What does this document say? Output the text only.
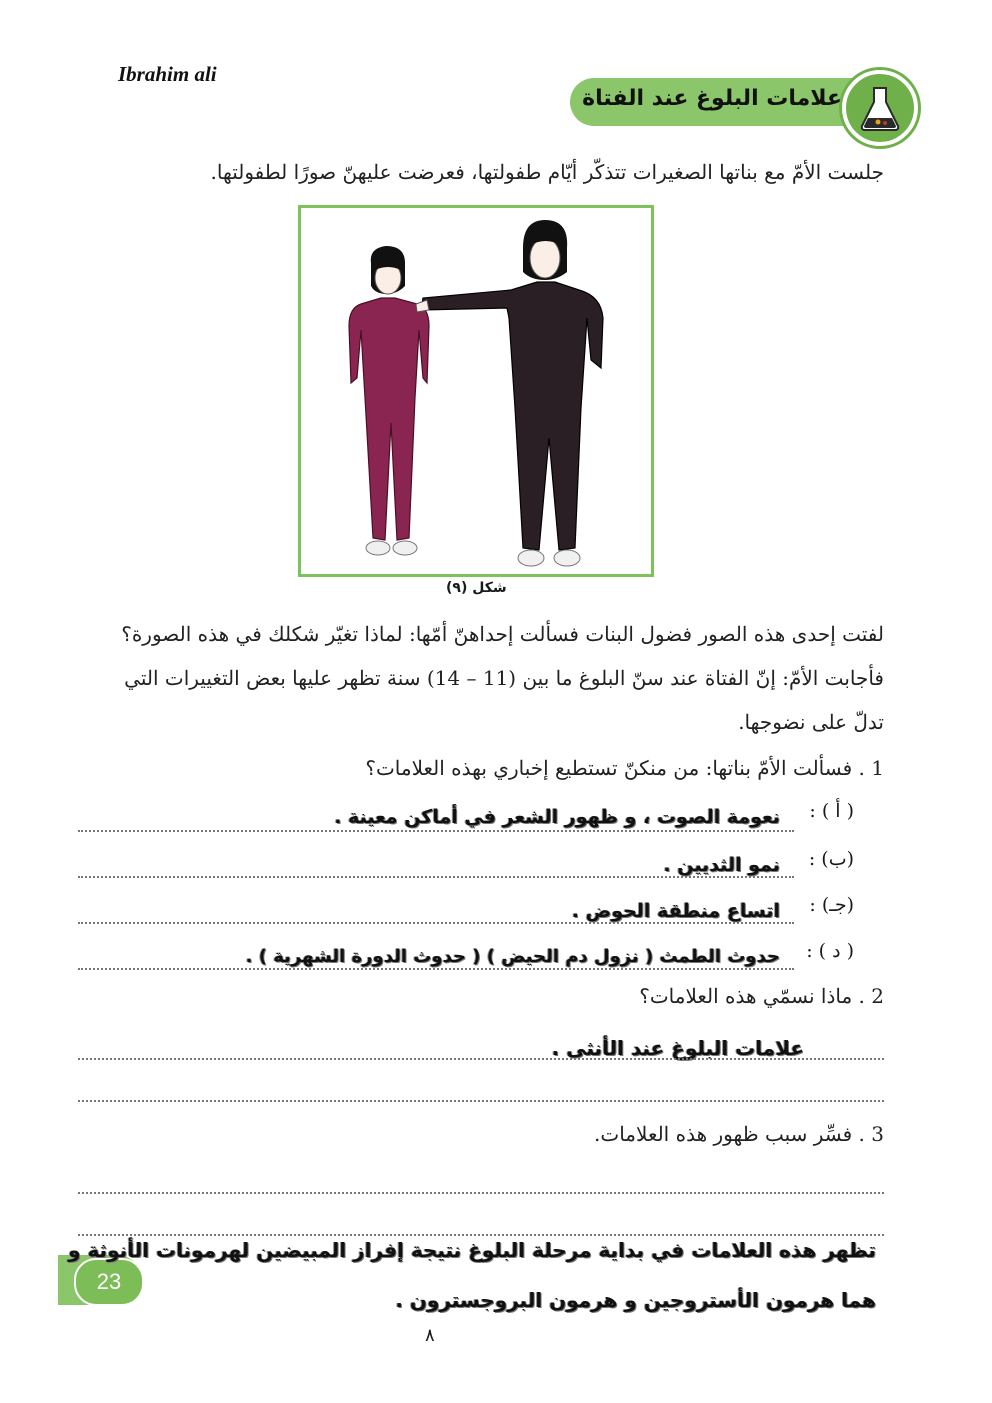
Ibrahim ali
علامات البلوغ عند الفتاة
جلست الأمّ مع بناتها الصغيرات تتذكّر أيّام طفولتها، فعرضت عليهنّ صورًا لطفولتها.
شكل (٩)
لفتت إحدى هذه الصور فضول البنات فسألت إحداهنّ أمّها: لماذا تغيّر شكلك في هذه الصورة؟
فأجابت الأمّ: إنّ الفتاة عند سنّ البلوغ ما بين (11 – 14) سنة تظهر عليها بعض التغييرات التي
تدلّ على نضوجها.
1 . فسألت الأمّ بناتها: من منكنّ تستطيع إخباري بهذه العلامات؟
( أ ) :
نعومة الصوت ، و ظهور الشعر في أماكن معينة .
(ب) :
نمو الثديين .
(جـ) :
اتساع منطقة الحوض .
( د ) :
حدوث الطمث ( نزول دم الحيض ) ( حدوث الدورة الشهرية ) .
2 . ماذا نسمّي هذه العلامات؟
علامات البلوغ عند الأنثى .
3 . فسِّر سبب ظهور هذه العلامات.
23
تظهر هذه العلامات في بداية مرحلة البلوغ نتيجة إفراز المبيضين لهرمونات الأنوثة و
هما هرمون الأستروجين و هرمون البروجسترون .
٨
